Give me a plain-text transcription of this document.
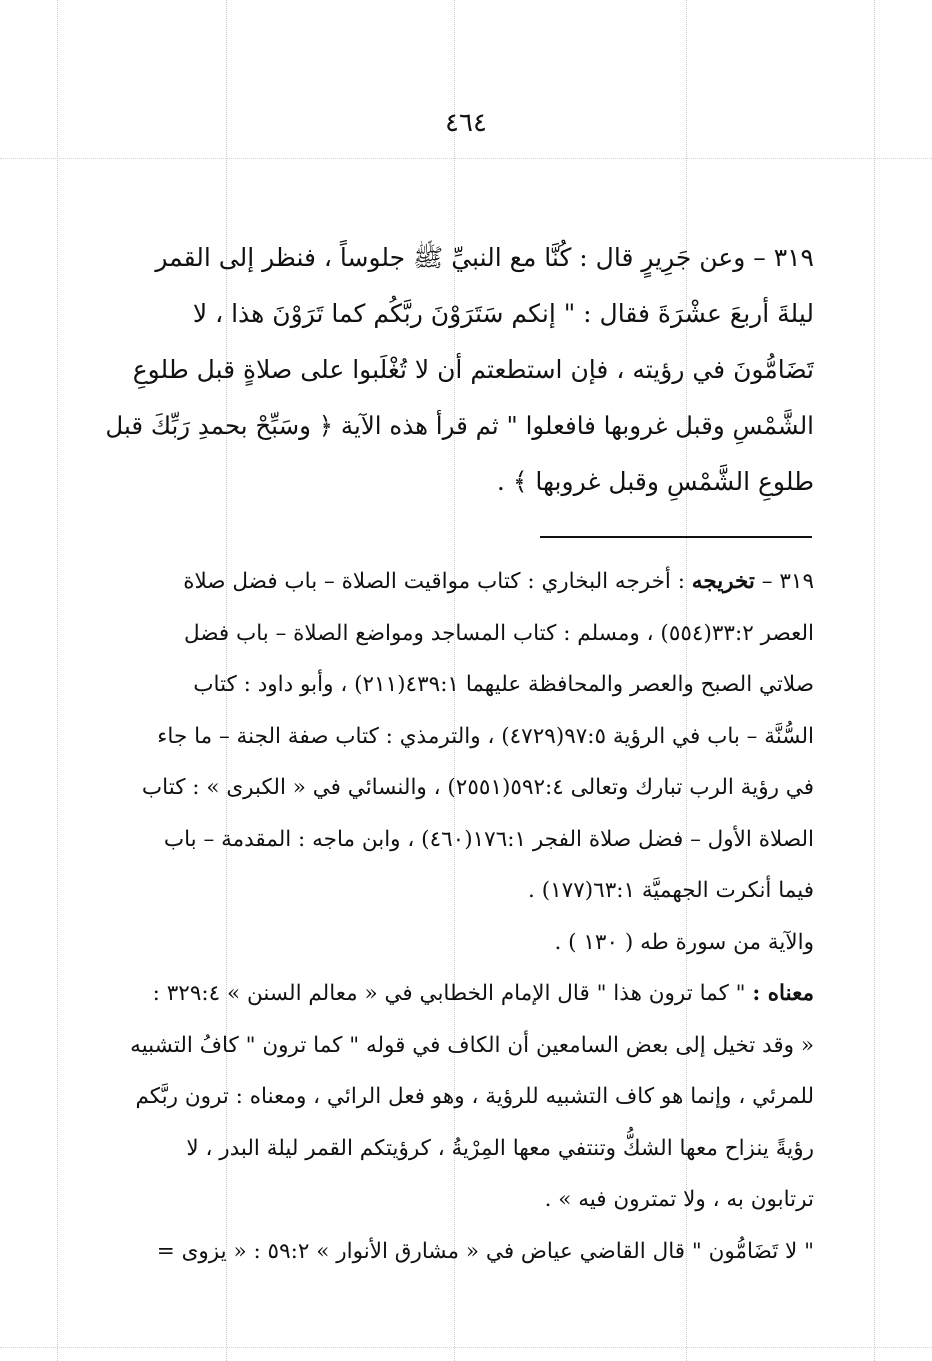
٤٦٤
٣١٩ – وعن جَرِيرٍ قال : كُنَّا مع النبيِّ ﷺ جلوساً ، فنظر إلى القمر
ليلةَ أربعَ عشْرَةَ فقال : " إنكم سَتَرَوْنَ ربَّكُم كما تَرَوْنَ هذا ، لا
تَضَامُّونَ في رؤيته ، فإن استطعتم أن لا تُغْلَبوا على صلاةٍ قبل طلوعِ
الشَّمْسِ وقبل غروبها فافعلوا " ثم قرأ هذه الآية ﴿ وسَبِّحْ بحمدِ رَبِّكَ قبل
طلوعِ الشَّمْسِ وقبل غروبها ﴾ .
٣١٩ – تخريجه : أخرجه البخاري : كتاب مواقيت الصلاة – باب فضل صلاة
العصر ٣٣:٢(٥٥٤) ، ومسلم : كتاب المساجد ومواضع الصلاة – باب فضل
صلاتي الصبح والعصر والمحافظة عليهما ٤٣٩:١(٢١١) ، وأبو داود : كتاب
السُّنَّة – باب في الرؤية ٩٧:٥(٤٧٢٩) ، والترمذي : كتاب صفة الجنة – ما جاء
في رؤية الرب تبارك وتعالى ٥٩٢:٤(٢٥٥١) ، والنسائي في « الكبرى » : كتاب
الصلاة الأول – فضل صلاة الفجر ١٧٦:١(٤٦٠) ، وابن ماجه : المقدمة – باب
فيما أنكرت الجهميَّة ٦٣:١(١٧٧) .
والآية من سورة طه ( ١٣٠ ) .
معناه : " كما ترون هذا " قال الإمام الخطابي في « معالم السنن » ٣٢٩:٤ :
« وقد تخيل إلى بعض السامعين أن الكاف في قوله " كما ترون " كافُ التشبيه
للمرئي ، وإنما هو كاف التشبيه للرؤية ، وهو فعل الرائي ، ومعناه : ترون ربَّكم
رؤيةً ينزاح معها الشكُّ وتنتفي معها المِرْيةُ ، كرؤيتكم القمر ليلة البدر ، لا
ترتابون به ، ولا تمترون فيه » .
" لا تَضَامُّون " قال القاضي عياض في « مشارق الأنوار » ٥٩:٢ : « يزوى =
